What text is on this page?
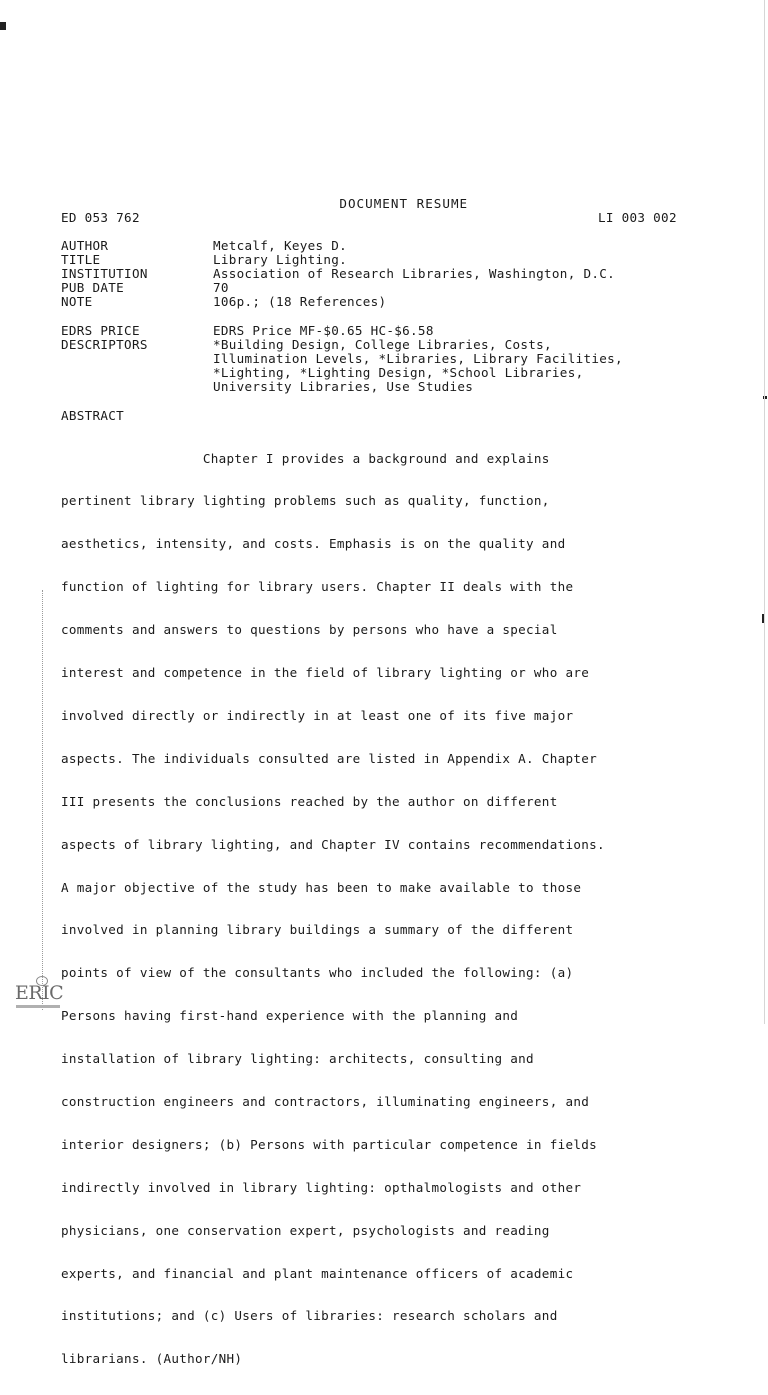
DOCUMENT RESUME

ED 053 762	LI 003 002
AUTHOR	Metcalf, Keyes D.
TITLE	Library Lighting.
INSTITUTION	Association of Research Libraries, Washington, D.C.
PUB DATE	70
NOTE	106p.; (18 References)
EDRS PRICE	EDRS Price MF-$0.65 HC-$6.58
DESCRIPTORS	*Building Design, College Libraries, Costs,
Illumination Levels, *Libraries, Library Facilities,
*Lighting, *Lighting Design, *School Libraries,
University Libraries, Use Studies
ABSTRACT

Chapter I provides a background and explains

pertinent library lighting problems such as quality, function,

aesthetics, intensity, and costs. Emphasis is on the quality and

function of lighting for library users. Chapter II deals with the

comments and answers to questions by persons who have a special

interest and competence in the field of library lighting or who are

involved directly or indirectly in at least one of its five major

aspects. The individuals consulted are listed in Appendix A. Chapter

III presents the conclusions reached by the author on different

aspects of library lighting, and Chapter IV contains recommendations.

A major objective of the study has been to make available to those

involved in planning library buildings a summary of the different

points of view of the consultants who included the following: (a)

Persons having first-hand experience with the planning and

installation of library lighting: architects, consulting and

construction engineers and contractors, illuminating engineers, and

interior designers; (b) Persons with particular competence in fields

indirectly involved in library lighting: opthalmologists and other

physicians, one conservation expert, psychologists and reading

experts, and financial and plant maintenance officers of academic

institutions; and (c) Users of libraries: research scholars and

librarians. (Author/NH)

ERIC
